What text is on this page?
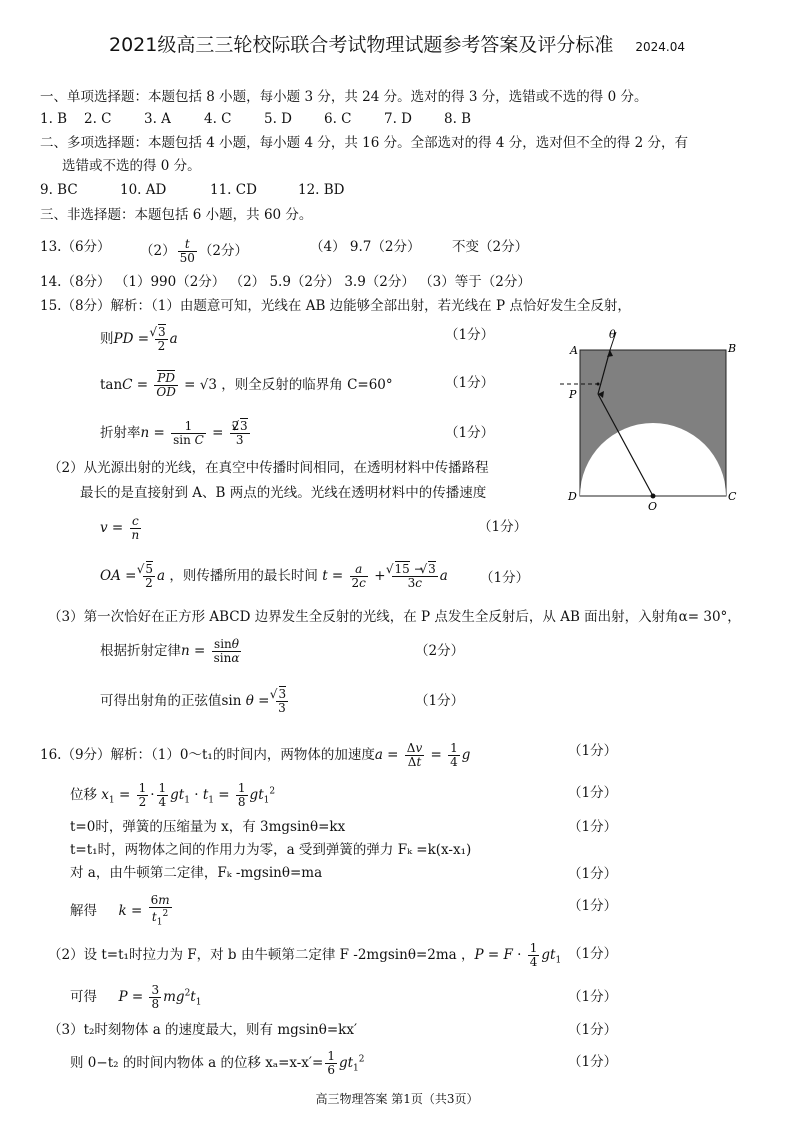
2021级高三三轮校际联合考试物理试题参考答案及评分标准 2024.04
一、单项选择题：本题包括 8 小题，每小题 3 分，共 24 分。选对的得 3 分，选错或不选的得 0 分。
1. B 2. C 3. A 4. C 5. D 6. C 7. D 8. B
二、多项选择题：本题包括 4 小题，每小题 4 分，共 16 分。全部选对的得 4 分，选对但不全的得 2 分，有
选错或不选的得 0 分。
9. BC	10. AD	11. CD	12. BD
三、非选择题：本题包括 6 小题，共 60 分。
13.（6分） $(2) \frac{t}{50} (2$分）	（4） 9.7（2分） 不变（2分）
14.（8分） （1）990（2分） （2） 5.9（2分） 3.9（2分） （3）等于（2分）
15.（8分）解析：（1）由题意可知，光线在 AB 边能够全部出射，若光线在 P 点恰好发生全反射，
则PD = √ $\frac{3}{2}$ a	（1分）
$\tan C = \frac{PD}{OD} = √3$ ，则全反射的临界角 C=60°	（1分）
折射率$n = \frac{1}{\text{sin C}} = \frac{2√ 3}{3}$	（1分）
（2）从光源出射的光线，在真空中传播时间相同，在透明材料中传播路程
最长的是直接射到 A、B 两点的光线。光线在透明材料中的传播速度
$v = \frac{c}{n}$	（1分）
OA = √ $\frac{5}{2}$ a ，则传播所用的最长时间 $t = \frac{a}{2c}$ + √ $\frac{15 - √ 3}{3c}$ a （1分）
（3）第一次恰好在正方形 ABCD 边界发生全反射的光线，在 P 点发生全反射后，从 AB 面出射，入射角α= 30°，
根据折射定律$n = \frac{\sin\theta}{\sin\alpha}$	（2分）
可得出射角的正弦值sin θ = √ $\frac{3}{3}$	（1分）
A	B
P
D
O
C
θ
16.（9分）解析：（1）0～t₁的时间内，两物体的加速度$a = \frac{\Delta v}{\Delta t} = \frac{1}{4}$ g	（1分）
位移 $x_1 = \frac{1}{2} \cdot \frac{1}{4} gt_1 \cdot t_1 = \frac{1}{8} gt_1^2$	（1分）
t=0时，弹簧的压缩量为 x，有 3mgsinθ=kx	（1分）
t=t₁时，两物体之间的作用力为零，a 受到弹簧的弹力 Fₖ =k(x-x₁)
对 a，由牛顿第二定律，Fₖ -mgsinθ=ma	（1分）
解得 $k = \frac{6m}{t_1^2}$	（1分）
（2）设 t=t₁时拉力为 F，对 b 由牛顿第二定律 F -2mgsinθ=2ma ，$P = F \cdot \frac{1}{4} gt_1$ （1分）
可得 $P = \frac{3}{8} mg^2t_1$	（1分）
（3）t₂时刻物体 a 的速度最大，则有 mgsinθ=kx′	（1分）
则 0−t₂ 的时间内物体 a 的位移 $x_a=x-x'= \frac{1}{6} gt_1^2$	（1分）
高三物理答案 第1页（共3页）
